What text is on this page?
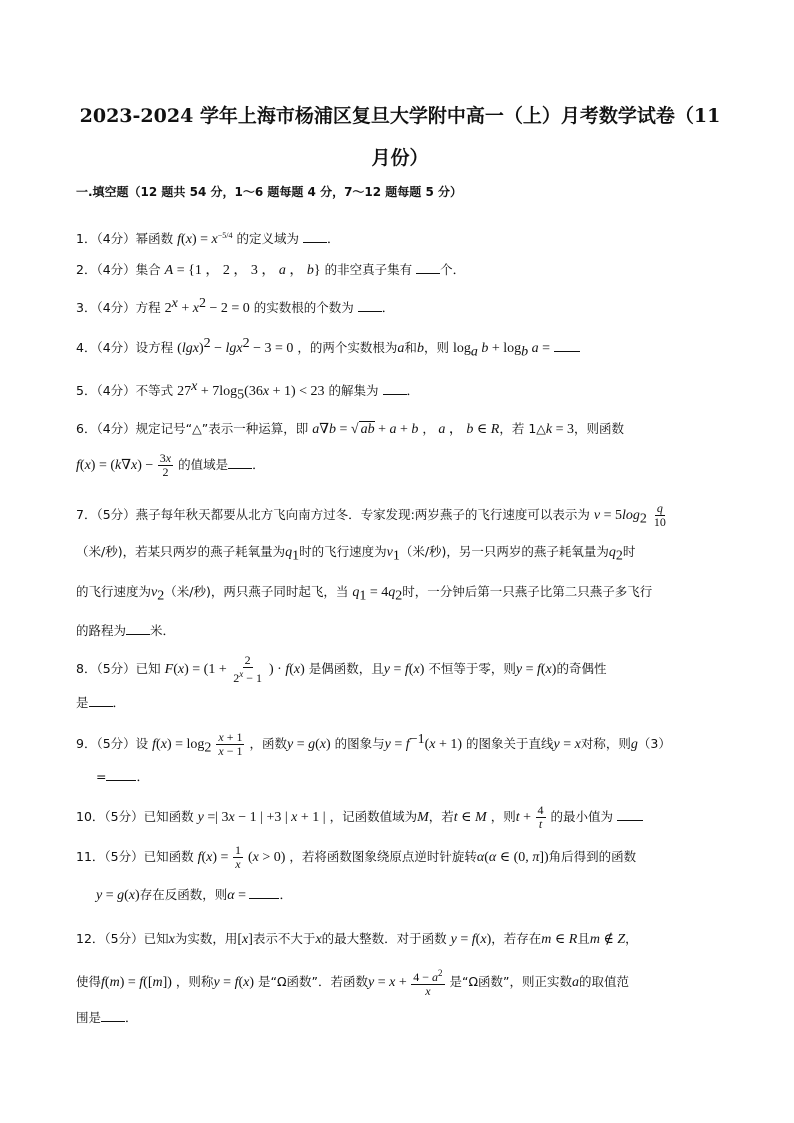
2023-2024 学年上海市杨浦区复旦大学附中高一（上）月考数学试卷（11
月份）
一.填空题（12 题共 54 分，1～6 题每题 4 分，7～12 题每题 5 分）
1．（4分）幂函数 $f(x) = x^{-5/4}$ 的定义域为 ．
2．（4分）集合 A = {1 ， 2 ， 3 ， a ， b} 的非空真子集有 个．
3．（4分）方程 $2^x + x^2 - 2 = 0$ 的实数根的个数为 ．
4．（4分）设方程 $(\lg x)^2 - \lg x^2 - 3 = 0$ ，的两个实数根为a和b，则 $\log_a b + \log_b a$ =
5．（4分）不等式 $27^x + 7\log_5(36x + 1) < 23$ 的解集为 ．
6．（4分）规定记号“△”表示一种运算，即 a∇b = √ ab + a + b ， a ， b ∈ R，若 1△k = 3，则函数
$f(x) = (k\nabla x) - \frac{3x}{2}$ 的值域是 ．
7．（5分）燕子每年秋天都要从北方飞向南方过冬．专家发现:两岁燕子的飞行速度可以表示为 $v = 5\log_2 \frac{q}{10}$
（米/秒)，若某只两岁的燕子耗氧量为$q_1$时的飞行速度为$v_1$（米/秒)，另一只两岁的燕子耗氧量为$q_2$时
的飞行速度为$v_2$（米/秒)，两只燕子同时起飞，当 $q_1 = 4q_2$时，一分钟后第一只燕子比第二只燕子多飞行
的路程为 米．
8．（5分）已知 $F(x) = (1 + \frac{2}{2^x - 1}$ ) · f(x) 是偶函数，且y = f(x) 不恒等于零，则y = f(x)的奇偶性
是 ．
9．（5分）设 $f(x) = \log_2 \frac{x + 1}{x - 1}$ ，函数y = g(x) 的图象与$y = f^{-1}(x + 1)$ 的图象关于直线y = x对称，则g（3）
= ．
10．（5分）已知函数 y =| 3x − 1 | +3 | x + 1 | ，记函数值域为M，若t ∈ M ，则$t + \frac{4}{t}$ 的最小值为
11．（5分）已知函数 $f(x) = \frac{1}{x} (x > 0)$ ，若将函数图象绕原点逆时针旋转α(α ∈ (0, π])角后得到的函数
y = g(x)存在反函数，则α = ．
12．（5分）已知x为实数，用[x]表示不大于x的最大整数．对于函数 y = f(x)，若存在m ∈ R且m ∉ Z，
使得f(m) = f([m]) ，则称y = f(x) 是“Ω函数”．若函数$y = x + \frac{4 - a^2}{x}$ 是“Ω函数”，则正实数a的取值范
围是 ．
